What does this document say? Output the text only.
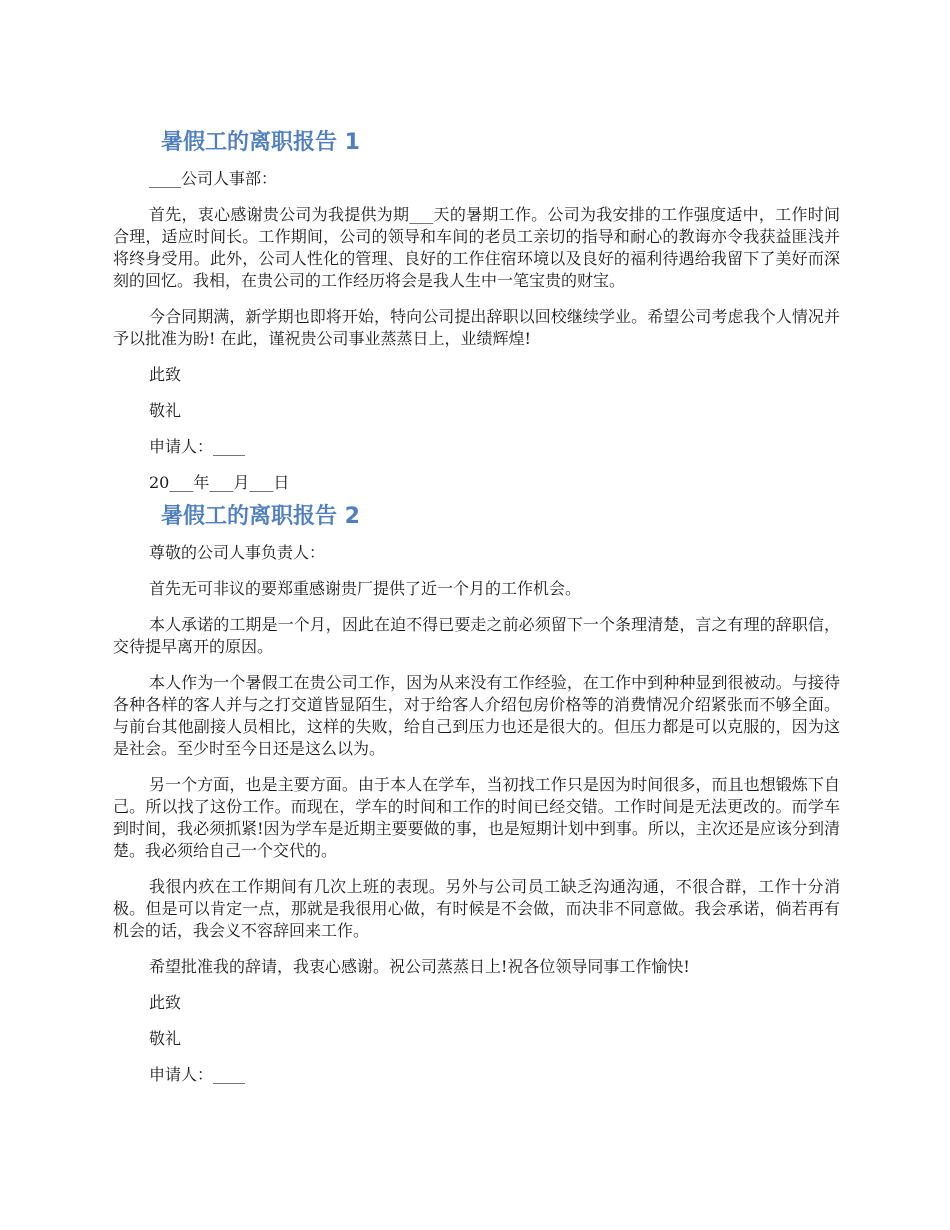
暑假工的离职报告 1

____公司人事部：

首先，衷心感谢贵公司为我提供为期___天的暑期工作。公司为我安排的工作强度适中，工作时间合理，适应时间长。工作期间，公司的领导和车间的老员工亲切的指导和耐心的教诲亦令我获益匪浅并将终身受用。此外，公司人性化的管理、良好的工作住宿环境以及良好的福利待遇给我留下了美好而深刻的回忆。我相，在贵公司的工作经历将会是我人生中一笔宝贵的财宝。

今合同期满，新学期也即将开始，特向公司提出辞职以回校继续学业。希望公司考虑我个人情况并予以批准为盼! 在此，谨祝贵公司事业蒸蒸日上，业绩辉煌!

此致

敬礼

申请人：____

20___年___月___日

暑假工的离职报告 2

尊敬的公司人事负责人：

首先无可非议的要郑重感谢贵厂提供了近一个月的工作机会。

本人承诺的工期是一个月，因此在迫不得已要走之前必须留下一个条理清楚，言之有理的辞职信，交待提早离开的原因。

本人作为一个暑假工在贵公司工作，因为从来没有工作经验，在工作中到种种显到很被动。与接待各种各样的客人并与之打交道皆显陌生，对于给客人介绍包房价格等的消费情况介绍紧张而不够全面。与前台其他副接人员相比，这样的失败，给自己到压力也还是很大的。但压力都是可以克服的，因为这是社会。至少时至今日还是这么以为。

另一个方面，也是主要方面。由于本人在学车，当初找工作只是因为时间很多，而且也想锻炼下自己。所以找了这份工作。而现在，学车的时间和工作的时间已经交错。工作时间是无法更改的。而学车到时间，我必须抓紧!因为学车是近期主要要做的事，也是短期计划中到事。所以，主次还是应该分到清楚。我必须给自己一个交代的。

我很内疚在工作期间有几次上班的表现。另外与公司员工缺乏沟通沟通，不很合群，工作十分消极。但是可以肯定一点，那就是我很用心做，有时候是不会做，而决非不同意做。我会承诺，倘若再有机会的话，我会义不容辞回来工作。

希望批准我的辞请，我衷心感谢。祝公司蒸蒸日上!祝各位领导同事工作愉快!

此致

敬礼

申请人：____
